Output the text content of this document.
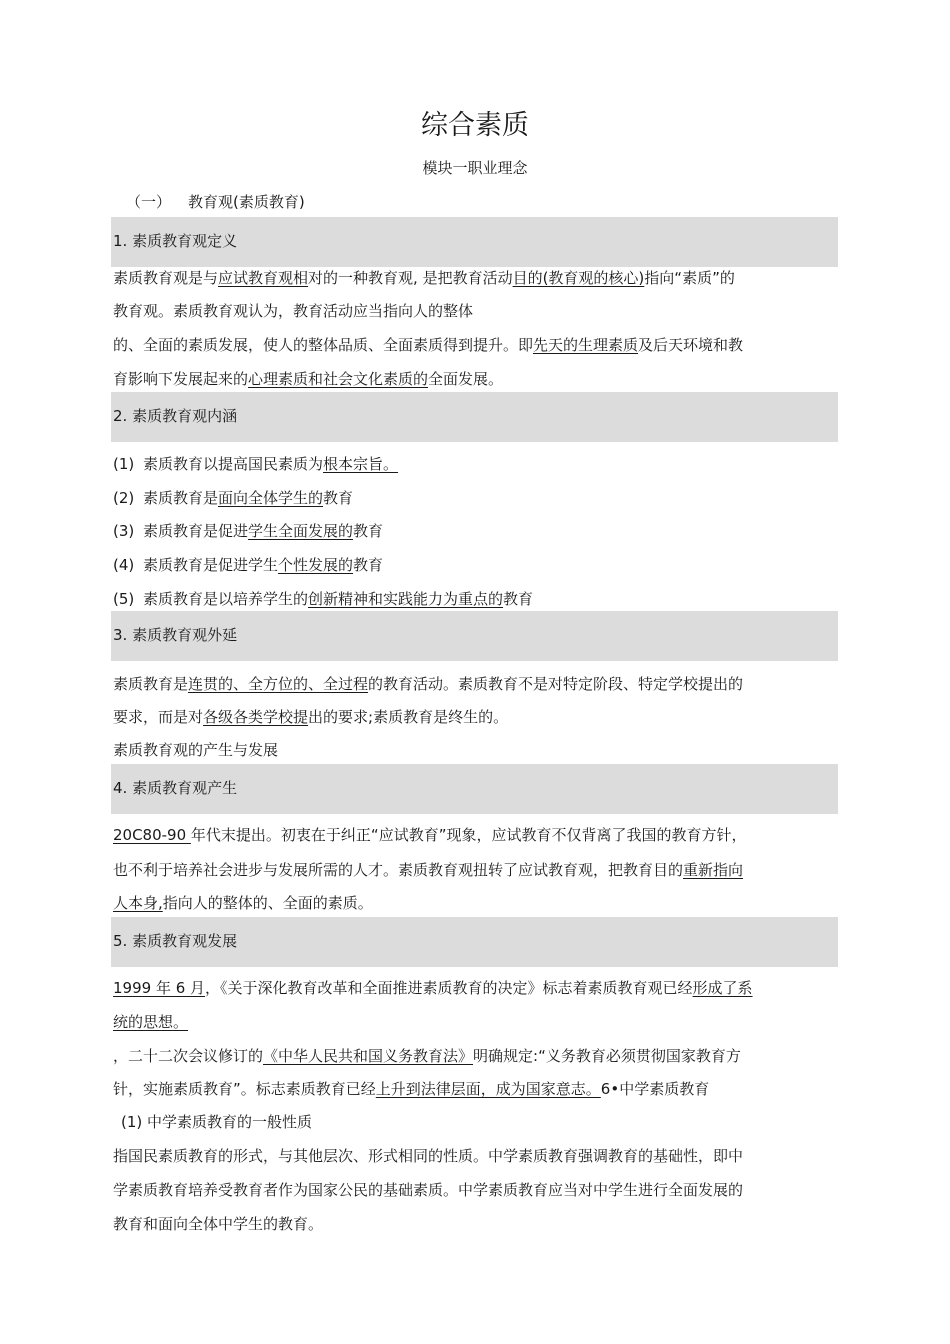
综合素质
模块一职业理念
（一） 教育观(素质教育)
1. 素质教育观定义
素质教育观是与应试教育观相对的一种教育观, 是把教育活动目的(教育观的核心)指向“素质”的
教育观。素质教育观认为，教育活动应当指向人的整体
的、全面的素质发展，使人的整体品质、全面素质得到提升。即先天的生理素质及后天环境和教
育影响下发展起来的心理素质和社会文化素质的全面发展。
2. 素质教育观内涵
(1) 素质教育以提高国民素质为根本宗旨。
(2) 素质教育是面向全体学生的教育
(3) 素质教育是促进学生全面发展的教育
(4) 素质教育是促进学生个性发展的教育
(5) 素质教育是以培养学生的创新精神和实践能力为重点的教育
3. 素质教育观外延
素质教育是连贯的、全方位的、全过程的教育活动。素质教育不是对特定阶段、特定学校提出的
要求，而是对各级各类学校提出的要求;素质教育是终生的。
素质教育观的产生与发展
4. 素质教育观产生
20C80-90 年代末提出。初衷在于纠正“应试教育”现象，应试教育不仅背离了我国的教育方针，
也不利于培养社会进步与发展所需的人才。素质教育观扭转了应试教育观，把教育目的重新指向
人本身,指向人的整体的、全面的素质。
5. 素质教育观发展
1999 年 6 月，《关于深化教育改革和全面推进素质教育的决定》标志着素质教育观已经形成了系
统的思想。
，二十二次会议修订的《中华人民共和国义务教育法》明确规定:“义务教育必须贯彻国家教育方
针，实施素质教育”。标志素质教育已经上升到法律层面，成为国家意志。6•中学素质教育
(1) 中学素质教育的一般性质
指国民素质教育的形式，与其他层次、形式相同的性质。中学素质教育强调教育的基础性，即中
学素质教育培养受教育者作为国家公民的基础素质。中学素质教育应当对中学生进行全面发展的
教育和面向全体中学生的教育。
